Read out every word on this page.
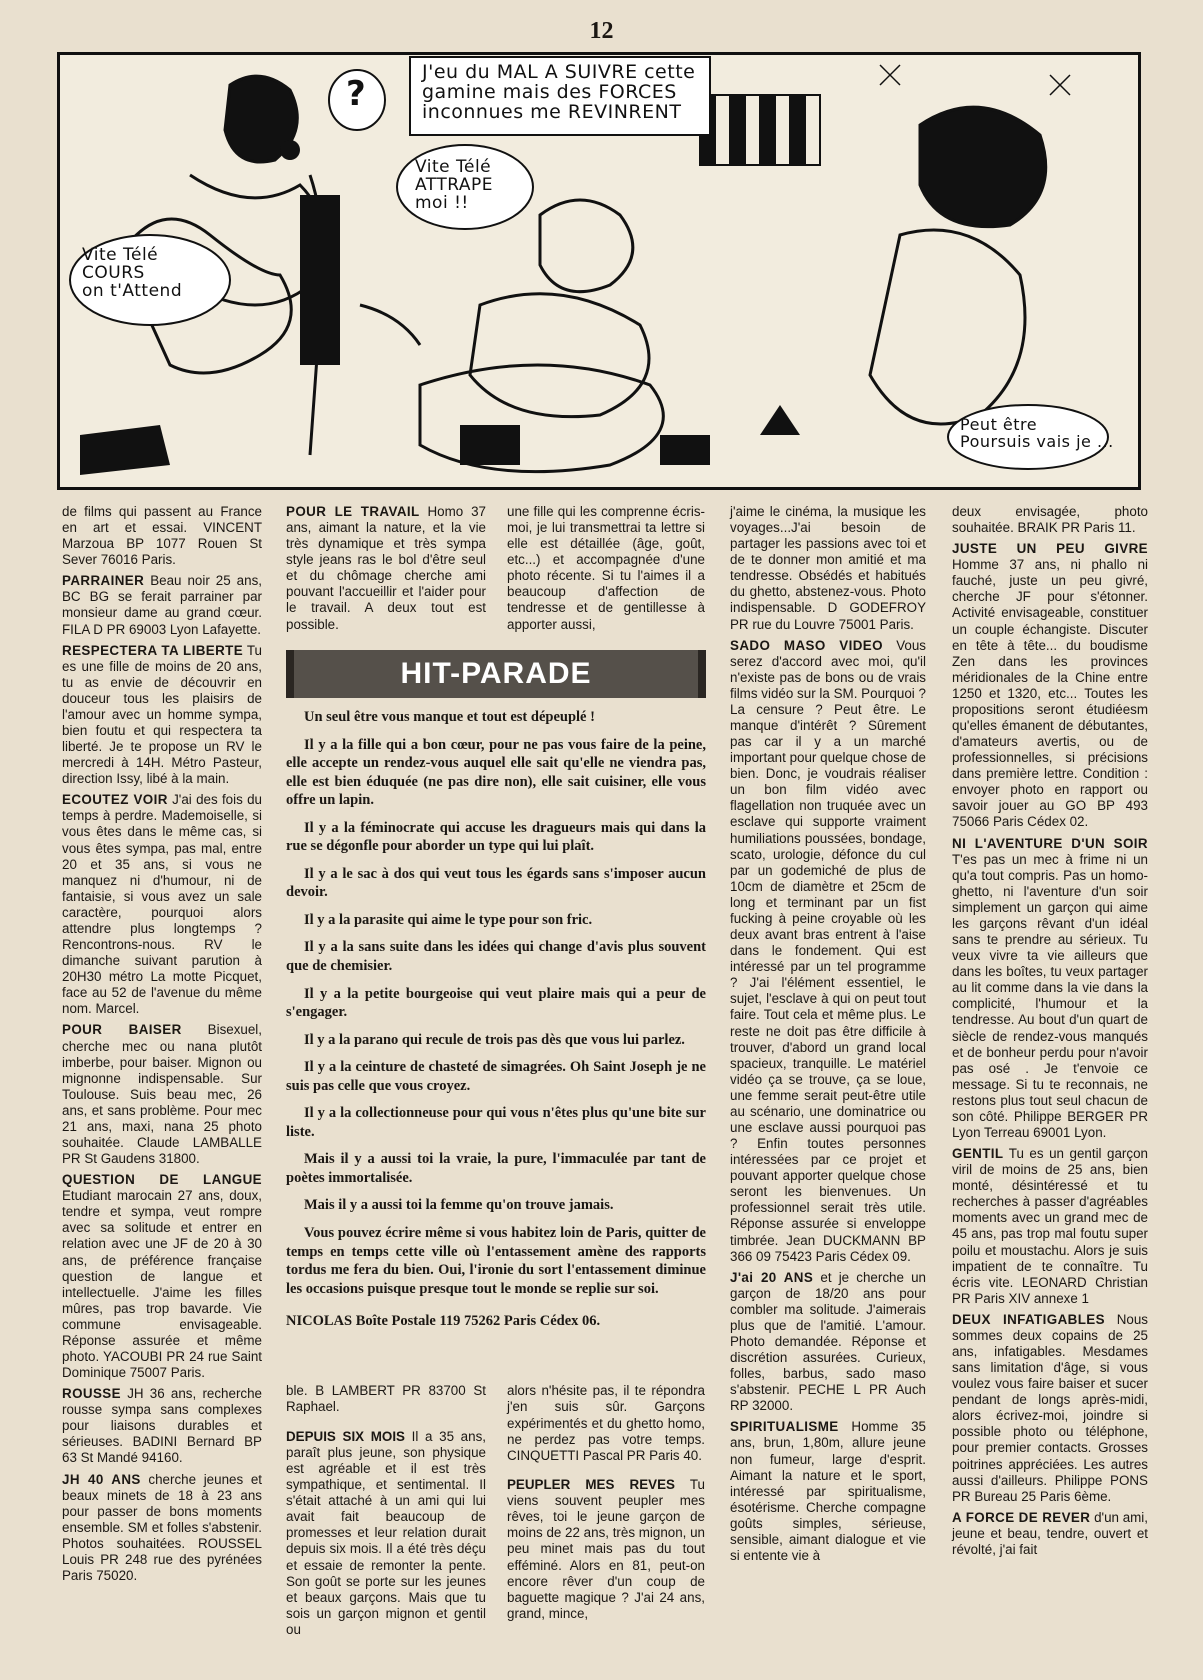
12
Vite Télé
COURS
on t'Attend
?
J'eu du MAL A SUIVRE cette
gamine mais des FORCES
inconnues me REVINRENT
Vite Télé
ATTRAPE
moi !!
Peut être
Poursuis vais je ...

de films qui passent au France en art et essai. VINCENT Marzoua BP 1077 Rouen St Sever 76016 Paris.

PARRAINER Beau noir 25 ans, BC BG se ferait parrainer par monsieur dame au grand cœur. FILA D PR 69003 Lyon Lafayette.

RESPECTERA TA LIBERTE Tu es une fille de moins de 20 ans, tu as envie de découvrir en douceur tous les plaisirs de l'amour avec un homme sympa, bien foutu et qui respectera ta liberté. Je te propose un RV le mercredi à 14H. Métro Pasteur, direction Issy, libé à la main.

ECOUTEZ VOIR J'ai des fois du temps à perdre. Mademoiselle, si vous êtes dans le même cas, si vous êtes sympa, pas mal, entre 20 et 35 ans, si vous ne manquez ni d'humour, ni de fantaisie, si vous avez un sale caractère, pourquoi alors attendre plus longtemps ? Rencontrons-nous. RV le dimanche suivant parution à 20H30 métro La motte Picquet, face au 52 de l'avenue du même nom. Marcel.

POUR BAISER Bisexuel, cherche mec ou nana plutôt imberbe, pour baiser. Mignon ou mignonne indispensable. Sur Toulouse. Suis beau mec, 26 ans, et sans problème. Pour mec 21 ans, maxi, nana 25 photo souhaitée. Claude LAMBALLE PR St Gaudens 31800.

QUESTION DE LANGUE Etudiant marocain 27 ans, doux, tendre et sympa, veut rompre avec sa solitude et entrer en relation avec une JF de 20 à 30 ans, de préférence française question de langue et intellectuelle. J'aime les filles mûres, pas trop bavarde. Vie commune envisageable. Réponse assurée et même photo. YACOUBI PR 24 rue Saint Dominique 75007 Paris.

ROUSSE JH 36 ans, recherche rousse sympa sans complexes pour liaisons durables et sérieuses. BADINI Bernard BP 63 St Mandé 94160.

JH 40 ANS cherche jeunes et beaux minets de 18 à 23 ans pour passer de bons moments ensemble. SM et folles s'abstenir. Photos souhaitées. ROUSSEL Louis PR 248 rue des pyrénées Paris 75020.

POUR LE TRAVAIL Homo 37 ans, aimant la nature, et la vie très dynamique et très sympa style jeans ras le bol d'être seul et du chômage cherche ami pouvant l'accueillir et l'aider pour le travail. A deux tout est possible.

une fille qui les comprenne écris-moi, je lui transmettrai ta lettre si elle est détaillée (âge, goût, etc...) et accompagnée d'une photo récente. Si tu l'aimes il a beaucoup d'affection de tendresse et de gentillesse à apporter aussi,

HIT-PARADE

Un seul être vous manque et tout est dépeuplé !

Il y a la fille qui a bon cœur, pour ne pas vous faire de la peine, elle accepte un rendez-vous auquel elle sait qu'elle ne viendra pas, elle est bien éduquée (ne pas dire non), elle sait cuisiner, elle vous offre un lapin.

Il y a la féminocrate qui accuse les dragueurs mais qui dans la rue se dégonfle pour aborder un type qui lui plaît.

Il y a le sac à dos qui veut tous les égards sans s'imposer aucun devoir.

Il y a la parasite qui aime le type pour son fric.

Il y a la sans suite dans les idées qui change d'avis plus souvent que de chemisier.

Il y a la petite bourgeoise qui veut plaire mais qui a peur de s'engager.

Il y a la parano qui recule de trois pas dès que vous lui parlez.

Il y a la ceinture de chasteté de simagrées. Oh Saint Joseph je ne suis pas celle que vous croyez.

Il y a la collectionneuse pour qui vous n'êtes plus qu'une bite sur liste.

Mais il y a aussi toi la vraie, la pure, l'immaculée par tant de poètes immortalisée.

Mais il y a aussi toi la femme qu'on trouve jamais.

Vous pouvez écrire même si vous habitez loin de Paris, quitter de temps en temps cette ville où l'entassement amène des rapports tordus me fera du bien. Oui, l'ironie du sort l'entassement diminue les occasions puisque presque tout le monde se replie sur soi.

NICOLAS Boîte Postale 119 75262 Paris Cédex 06.

ble. B LAMBERT PR 83700 St Raphael.

DEPUIS SIX MOIS Il a 35 ans, paraît plus jeune, son physique est agréable et il est très sympathique, et sentimental. Il s'était attaché à un ami qui lui avait fait beaucoup de promesses et leur relation durait depuis six mois. Il a été très déçu et essaie de remonter la pente. Son goût se porte sur les jeunes et beaux garçons. Mais que tu sois un garçon mignon et gentil ou

alors n'hésite pas, il te répondra j'en suis sûr. Garçons expérimentés et du ghetto homo, ne perdez pas votre temps. CINQUETTI Pascal PR Paris 40.

PEUPLER MES REVES Tu viens souvent peupler mes rêves, toi le jeune garçon de moins de 22 ans, très mignon, un peu minet mais pas du tout efféminé. Alors en 81, peut-on encore rêver d'un coup de baguette magique ? J'ai 24 ans, grand, mince,

j'aime le cinéma, la musique les voyages...J'ai besoin de partager les passions avec toi et de te donner mon amitié et ma tendresse. Obsédés et habitués du ghetto, abstenez-vous. Photo indispensable. D GODEFROY PR rue du Louvre 75001 Paris.

SADO MASO VIDEO Vous serez d'accord avec moi, qu'il n'existe pas de bons ou de vrais films vidéo sur la SM. Pourquoi ? La censure ? Peut être. Le manque d'intérêt ? Sûrement pas car il y a un marché important pour quelque chose de bien. Donc, je voudrais réaliser un bon film vidéo avec flagellation non truquée avec un esclave qui supporte vraiment humiliations poussées, bondage, scato, urologie, défonce du cul par un godemiché de plus de 10cm de diamètre et 25cm de long et terminant par un fist fucking à peine croyable où les deux avant bras entrent à l'aise dans le fondement. Qui est intéressé par un tel programme ? J'ai l'élément essentiel, le sujet, l'esclave à qui on peut tout faire. Tout cela et même plus. Le reste ne doit pas être difficile à trouver, d'abord un grand local spacieux, tranquille. Le matériel vidéo ça se trouve, ça se loue, une femme serait peut-être utile au scénario, une dominatrice ou une esclave aussi pourquoi pas ? Enfin toutes personnes intéressées par ce projet et pouvant apporter quelque chose seront les bienvenues. Un professionnel serait très utile. Réponse assurée si enveloppe timbrée. Jean DUCKMANN BP 366 09 75423 Paris Cédex 09.

J'ai 20 ANS et je cherche un garçon de 18/20 ans pour combler ma solitude. J'aimerais plus que de l'amitié. L'amour. Photo demandée. Réponse et discrétion assurées. Curieux, folles, barbus, sado maso s'abstenir. PECHE L PR Auch RP 32000.

SPIRITUALISME Homme 35 ans, brun, 1,80m, allure jeune non fumeur, large d'esprit. Aimant la nature et le sport, intéressé par spiritualisme, ésotérisme. Cherche compagne goûts simples, sérieuse, sensible, aimant dialogue et vie si entente vie à

deux envisagée, photo souhaitée. BRAIK PR Paris 11.

JUSTE UN PEU GIVRE Homme 37 ans, ni phallo ni fauché, juste un peu givré, cherche JF pour s'étonner. Activité envisageable, constituer un couple échangiste. Discuter en tête à tête... du boudisme Zen dans les provinces méridionales de la Chine entre 1250 et 1320, etc... Toutes les propositions seront étudiéesm qu'elles émanent de débutantes, d'amateurs avertis, ou de professionnelles, si précisions dans première lettre. Condition : envoyer photo en rapport ou savoir jouer au GO BP 493 75066 Paris Cédex 02.

NI L'AVENTURE D'UN SOIR T'es pas un mec à frime ni un qu'a tout compris. Pas un homo-ghetto, ni l'aventure d'un soir simplement un garçon qui aime les garçons rêvant d'un idéal sans te prendre au sérieux. Tu veux vivre ta vie ailleurs que dans les boîtes, tu veux partager au lit comme dans la vie dans la complicité, l'humour et la tendresse. Au bout d'un quart de siècle de rendez-vous manqués et de bonheur perdu pour n'avoir pas osé . Je t'envoie ce message. Si tu te reconnais, ne restons plus tout seul chacun de son côté. Philippe BERGER PR Lyon Terreau 69001 Lyon.

GENTIL Tu es un gentil garçon viril de moins de 25 ans, bien monté, désintéressé et tu recherches à passer d'agréables moments avec un grand mec de 45 ans, pas trop mal foutu super poilu et moustachu. Alors je suis impatient de te connaître. Tu écris vite. LEONARD Christian PR Paris XIV annexe 1

DEUX INFATIGABLES Nous sommes deux copains de 25 ans, infatigables. Mesdames sans limitation d'âge, si vous voulez vous faire baiser et sucer pendant de longs après-midi, alors écrivez-moi, joindre si possible photo ou téléphone, pour premier contacts. Grosses poitrines appréciées. Les autres aussi d'ailleurs. Philippe PONS PR Bureau 25 Paris 6ème.

A FORCE DE REVER d'un ami, jeune et beau, tendre, ouvert et révolté, j'ai fait
